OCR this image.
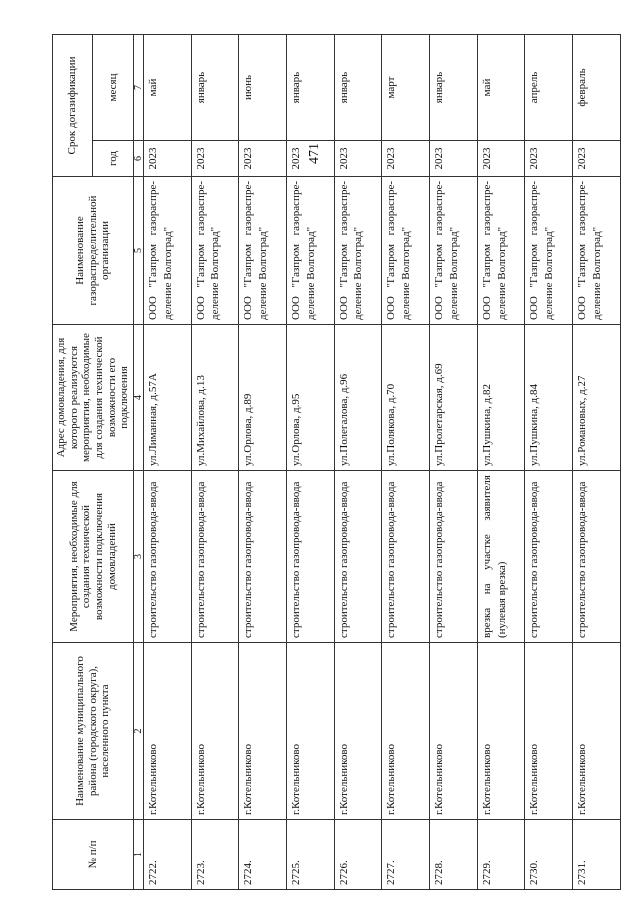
471
№ п/п	Наименование муниципального района (городского округа), населенного пункта	Мероприятия, необходимые для создания технической возможности подключения домовладений	Адрес домовладения, для которого реализуются мероприятия, необходимые для создания технической возможности его подключения	Наименование газораспределительной организации	Срок догазификации	
					год	месяц
1	2	3	4	5	6	7
2722.	г.Котельниково	строительство газопровода-ввода	ул.Лиманная, д.57А	ООО "Газпром газораспре-деление Волгоград"	2023	май
2723.	г.Котельниково	строительство газопровода-ввода	ул.Михайлова, д.13	ООО "Газпром газораспре-деление Волгоград"	2023	январь
2724.	г.Котельниково	строительство газопровода-ввода	ул.Орлова, д.89	ООО "Газпром газораспре-деление Волгоград"	2023	июнь
2725.	г.Котельниково	строительство газопровода-ввода	ул.Орлова, д.95	ООО "Газпром газораспре-деление Волгоград"	2023	январь
2726.	г.Котельниково	строительство газопровода-ввода	ул.Полегалова, д.96	ООО "Газпром газораспре-деление Волгоград"	2023	январь
2727.	г.Котельниково	строительство газопровода-ввода	ул.Полякова, д.70	ООО "Газпром газораспре-деление Волгоград"	2023	март
2728.	г.Котельниково	строительство газопровода-ввода	ул.Пролетарская, д.69	ООО "Газпром газораспре-деление Волгоград"	2023	январь
2729.	г.Котельниково	врезка на участке заявителя (нулевая врезка)	ул.Пушкина, д.82	ООО "Газпром газораспре-деление Волгоград"	2023	май
2730.	г.Котельниково	строительство газопровода-ввода	ул.Пушкина, д.84	ООО "Газпром газораспре-деление Волгоград"	2023	апрель
2731.	г.Котельниково	строительство газопровода-ввода	ул.Романовых, д.27	ООО "Газпром газораспре-деление Волгоград"	2023	февраль
